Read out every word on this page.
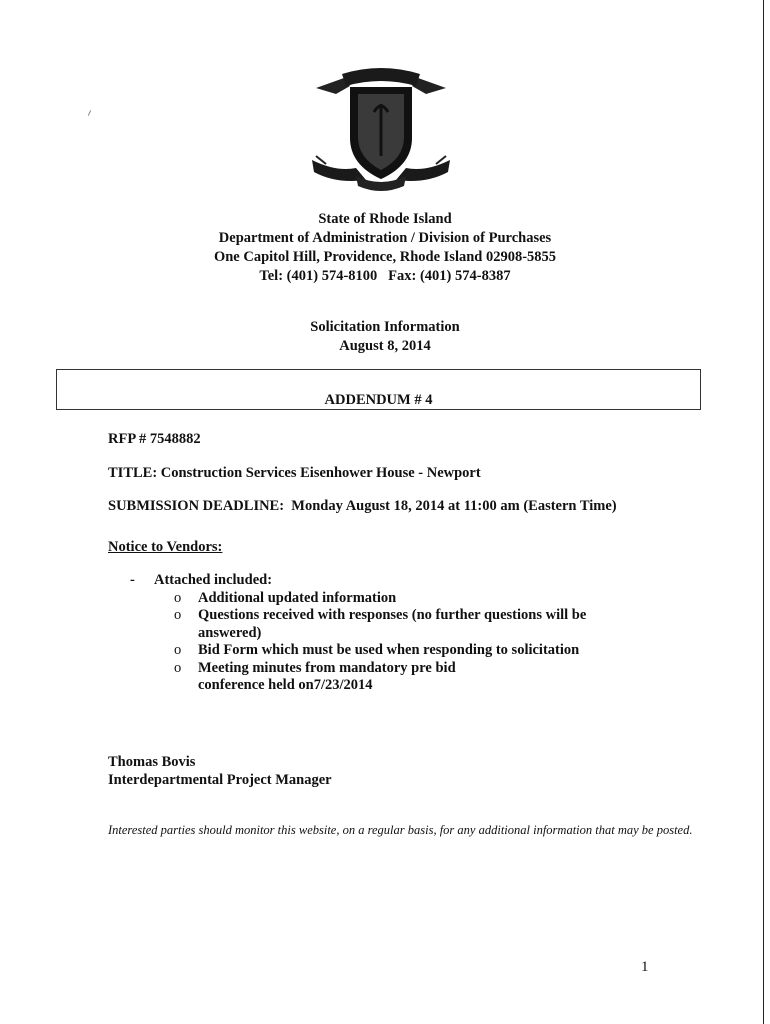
State of Rhode Island
Department of Administration / Division of Purchases
One Capitol Hill, Providence, Rhode Island 02908-5855
Tel: (401) 574-8100   Fax: (401) 574-8387
Solicitation Information
August 8, 2014
ADDENDUM # 4
RFP # 7548882
TITLE: Construction Services Eisenhower House - Newport
SUBMISSION DEADLINE:  Monday August 18, 2014 at 11:00 am (Eastern Time)
Notice to Vendors:
-	Attached included:
o Additional updated information
o Questions received with responses (no further questions will be answered)
o Bid Form which must be used when responding to solicitation
o Meeting minutes from mandatory pre bid conference held on7/23/2014
Thomas Bovis
Interdepartmental Project Manager
Interested parties should monitor this website, on a regular basis, for any additional information that may be posted.
1
